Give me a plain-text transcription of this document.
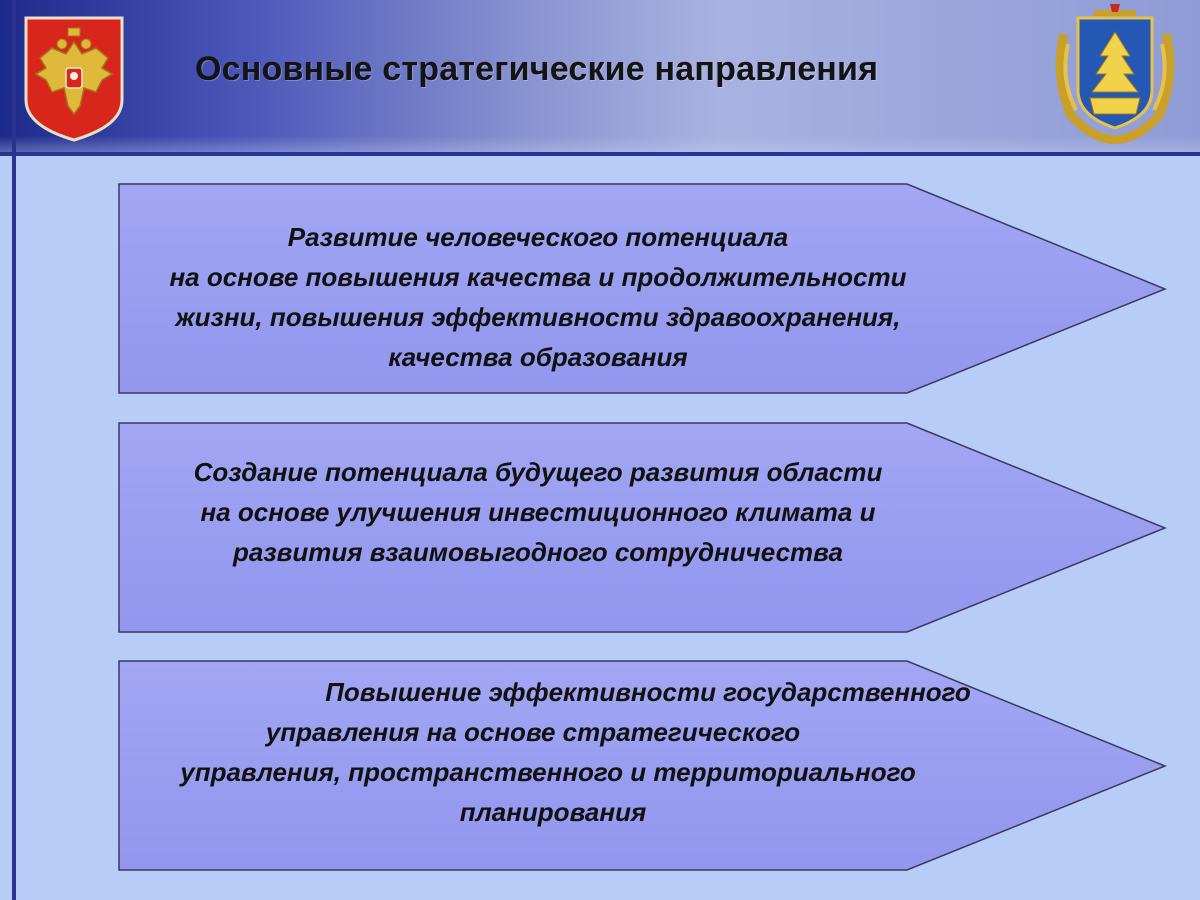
Основные стратегические направления
Развитие человеческого потенциала
на основе повышения качества и продолжительности
жизни, повышения эффективности здравоохранения,
качества образования
Создание потенциала будущего развития области
на основе улучшения инвестиционного климата и
развития взаимовыгодного сотрудничества
Повышение эффективности государственного
управления на основе стратегического
управления, пространственного и территориального
планирования
